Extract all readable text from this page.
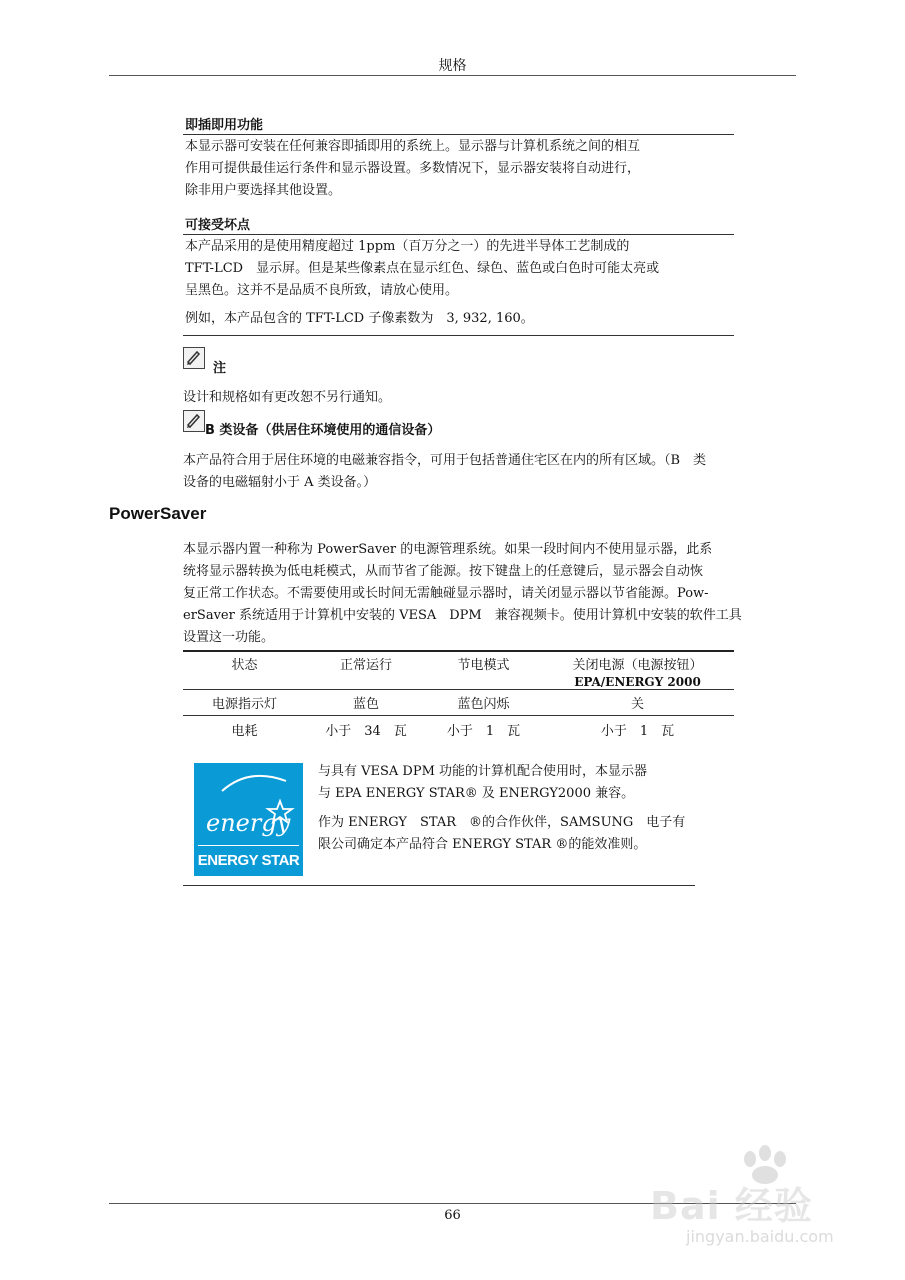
规格
即插即用功能
本显示器可安装在任何兼容即插即用的系统上。显示器与计算机系统之间的相互
作用可提供最佳运行条件和显示器设置。多数情况下，显示器安装将自动进行，
除非用户要选择其他设置。
可接受坏点
本产品采用的是使用精度超过 1ppm（百万分之一）的先进半导体工艺制成的
TFT-LCD　显示屏。但是某些像素点在显示红色、绿色、蓝色或白色时可能太亮或
呈黑色。这并不是品质不良所致，请放心使用。
例如，本产品包含的 TFT-LCD 子像素数为　3, 932, 160。
注
设计和规格如有更改恕不另行通知。
B 类设备（供居住环境使用的通信设备）
本产品符合用于居住环境的电磁兼容指令，可用于包括普通住宅区在内的所有区域。（B　类
设备的电磁辐射小于 A 类设备。）
PowerSaver
本显示器内置一种称为 PowerSaver 的电源管理系统。如果一段时间内不使用显示器，此系
统将显示器转换为低电耗模式，从而节省了能源。按下键盘上的任意键后，显示器会自动恢
复正常工作状态。不需要使用或长时间无需触碰显示器时，请关闭显示器以节省能源。Pow-
erSaver 系统适用于计算机中安装的 VESA　DPM　兼容视频卡。使用计算机中安装的软件工具
设置这一功能。
状态	正常运行	节电模式	关闭电源（电源按钮）
EPA/ENERGY 2000

电源指示灯	蓝色	蓝色闪烁	关

电耗	小于　34　瓦	小于　1　瓦	小于　1　瓦
energy
ENERGY STAR
与具有 VESA DPM 功能的计算机配合使用时，本显示器
与 EPA ENERGY STAR® 及 ENERGY2000 兼容。
作为 ENERGY　STAR　®的合作伙伴，SAMSUNG　电子有
限公司确定本产品符合 ENERGY STAR ®的能效准则。
66	Bai 经验
jingyan.baidu.com
